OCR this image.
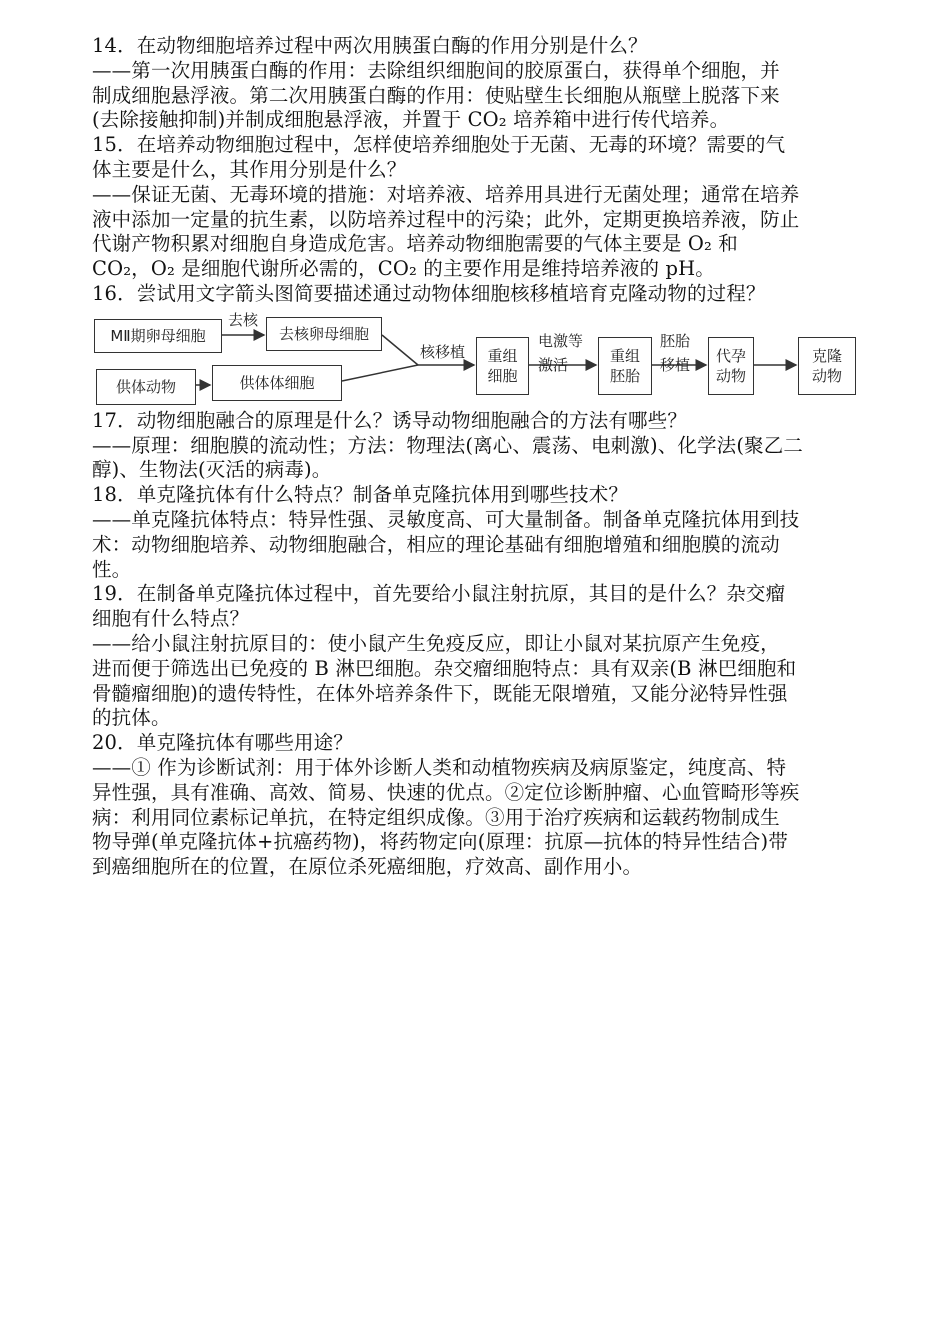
14．在动物细胞培养过程中两次用胰蛋白酶的作用分别是什么？
——第一次用胰蛋白酶的作用：去除组织细胞间的胶原蛋白，获得单个细胞，并
制成细胞悬浮液。第二次用胰蛋白酶的作用：使贴壁生长细胞从瓶壁上脱落下来
(去除接触抑制)并制成细胞悬浮液，并置于 CO₂ 培养箱中进行传代培养。
15．在培养动物细胞过程中，怎样使培养细胞处于无菌、无毒的环境？需要的气
体主要是什么，其作用分别是什么？
——保证无菌、无毒环境的措施：对培养液、培养用具进行无菌处理；通常在培养
液中添加一定量的抗生素，以防培养过程中的污染；此外，定期更换培养液，防止
代谢产物积累对细胞自身造成危害。培养动物细胞需要的气体主要是 O₂ 和
CO₂，O₂ 是细胞代谢所必需的，CO₂ 的主要作用是维持培养液的 pH。
16．尝试用文字箭头图简要描述通过动物体细胞核移植培育克隆动物的过程？
MⅡ期卵母细胞
去核
去核卵母细胞
供体动物	供体体细胞
核移植 重组
细胞
电激等
激活	重组
胚胎
胚胎
移植 代孕
动物
克隆
动物
17．动物细胞融合的原理是什么？诱导动物细胞融合的方法有哪些？
——原理：细胞膜的流动性；方法：物理法(离心、震荡、电刺激)、化学法(聚乙二
醇)、生物法(灭活的病毒)。
18．单克隆抗体有什么特点？制备单克隆抗体用到哪些技术？
——单克隆抗体特点：特异性强、灵敏度高、可大量制备。制备单克隆抗体用到技
术：动物细胞培养、动物细胞融合，相应的理论基础有细胞增殖和细胞膜的流动
性。
19．在制备单克隆抗体过程中，首先要给小鼠注射抗原，其目的是什么？杂交瘤
细胞有什么特点？
——给小鼠注射抗原目的：使小鼠产生免疫反应，即让小鼠对某抗原产生免疫，
进而便于筛选出已免疫的 B 淋巴细胞。杂交瘤细胞特点：具有双亲(B 淋巴细胞和
骨髓瘤细胞)的遗传特性，在体外培养条件下，既能无限增殖，又能分泌特异性强
的抗体。
20．单克隆抗体有哪些用途？
——① 作为诊断试剂：用于体外诊断人类和动植物疾病及病原鉴定，纯度高、特
异性强，具有准确、高效、简易、快速的优点。②定位诊断肿瘤、心血管畸形等疾
病：利用同位素标记单抗，在特定组织成像。③用于治疗疾病和运载药物制成生
物导弹(单克隆抗体+抗癌药物)，将药物定向(原理：抗原—抗体的特异性结合)带
到癌细胞所在的位置，在原位杀死癌细胞，疗效高、副作用小。
